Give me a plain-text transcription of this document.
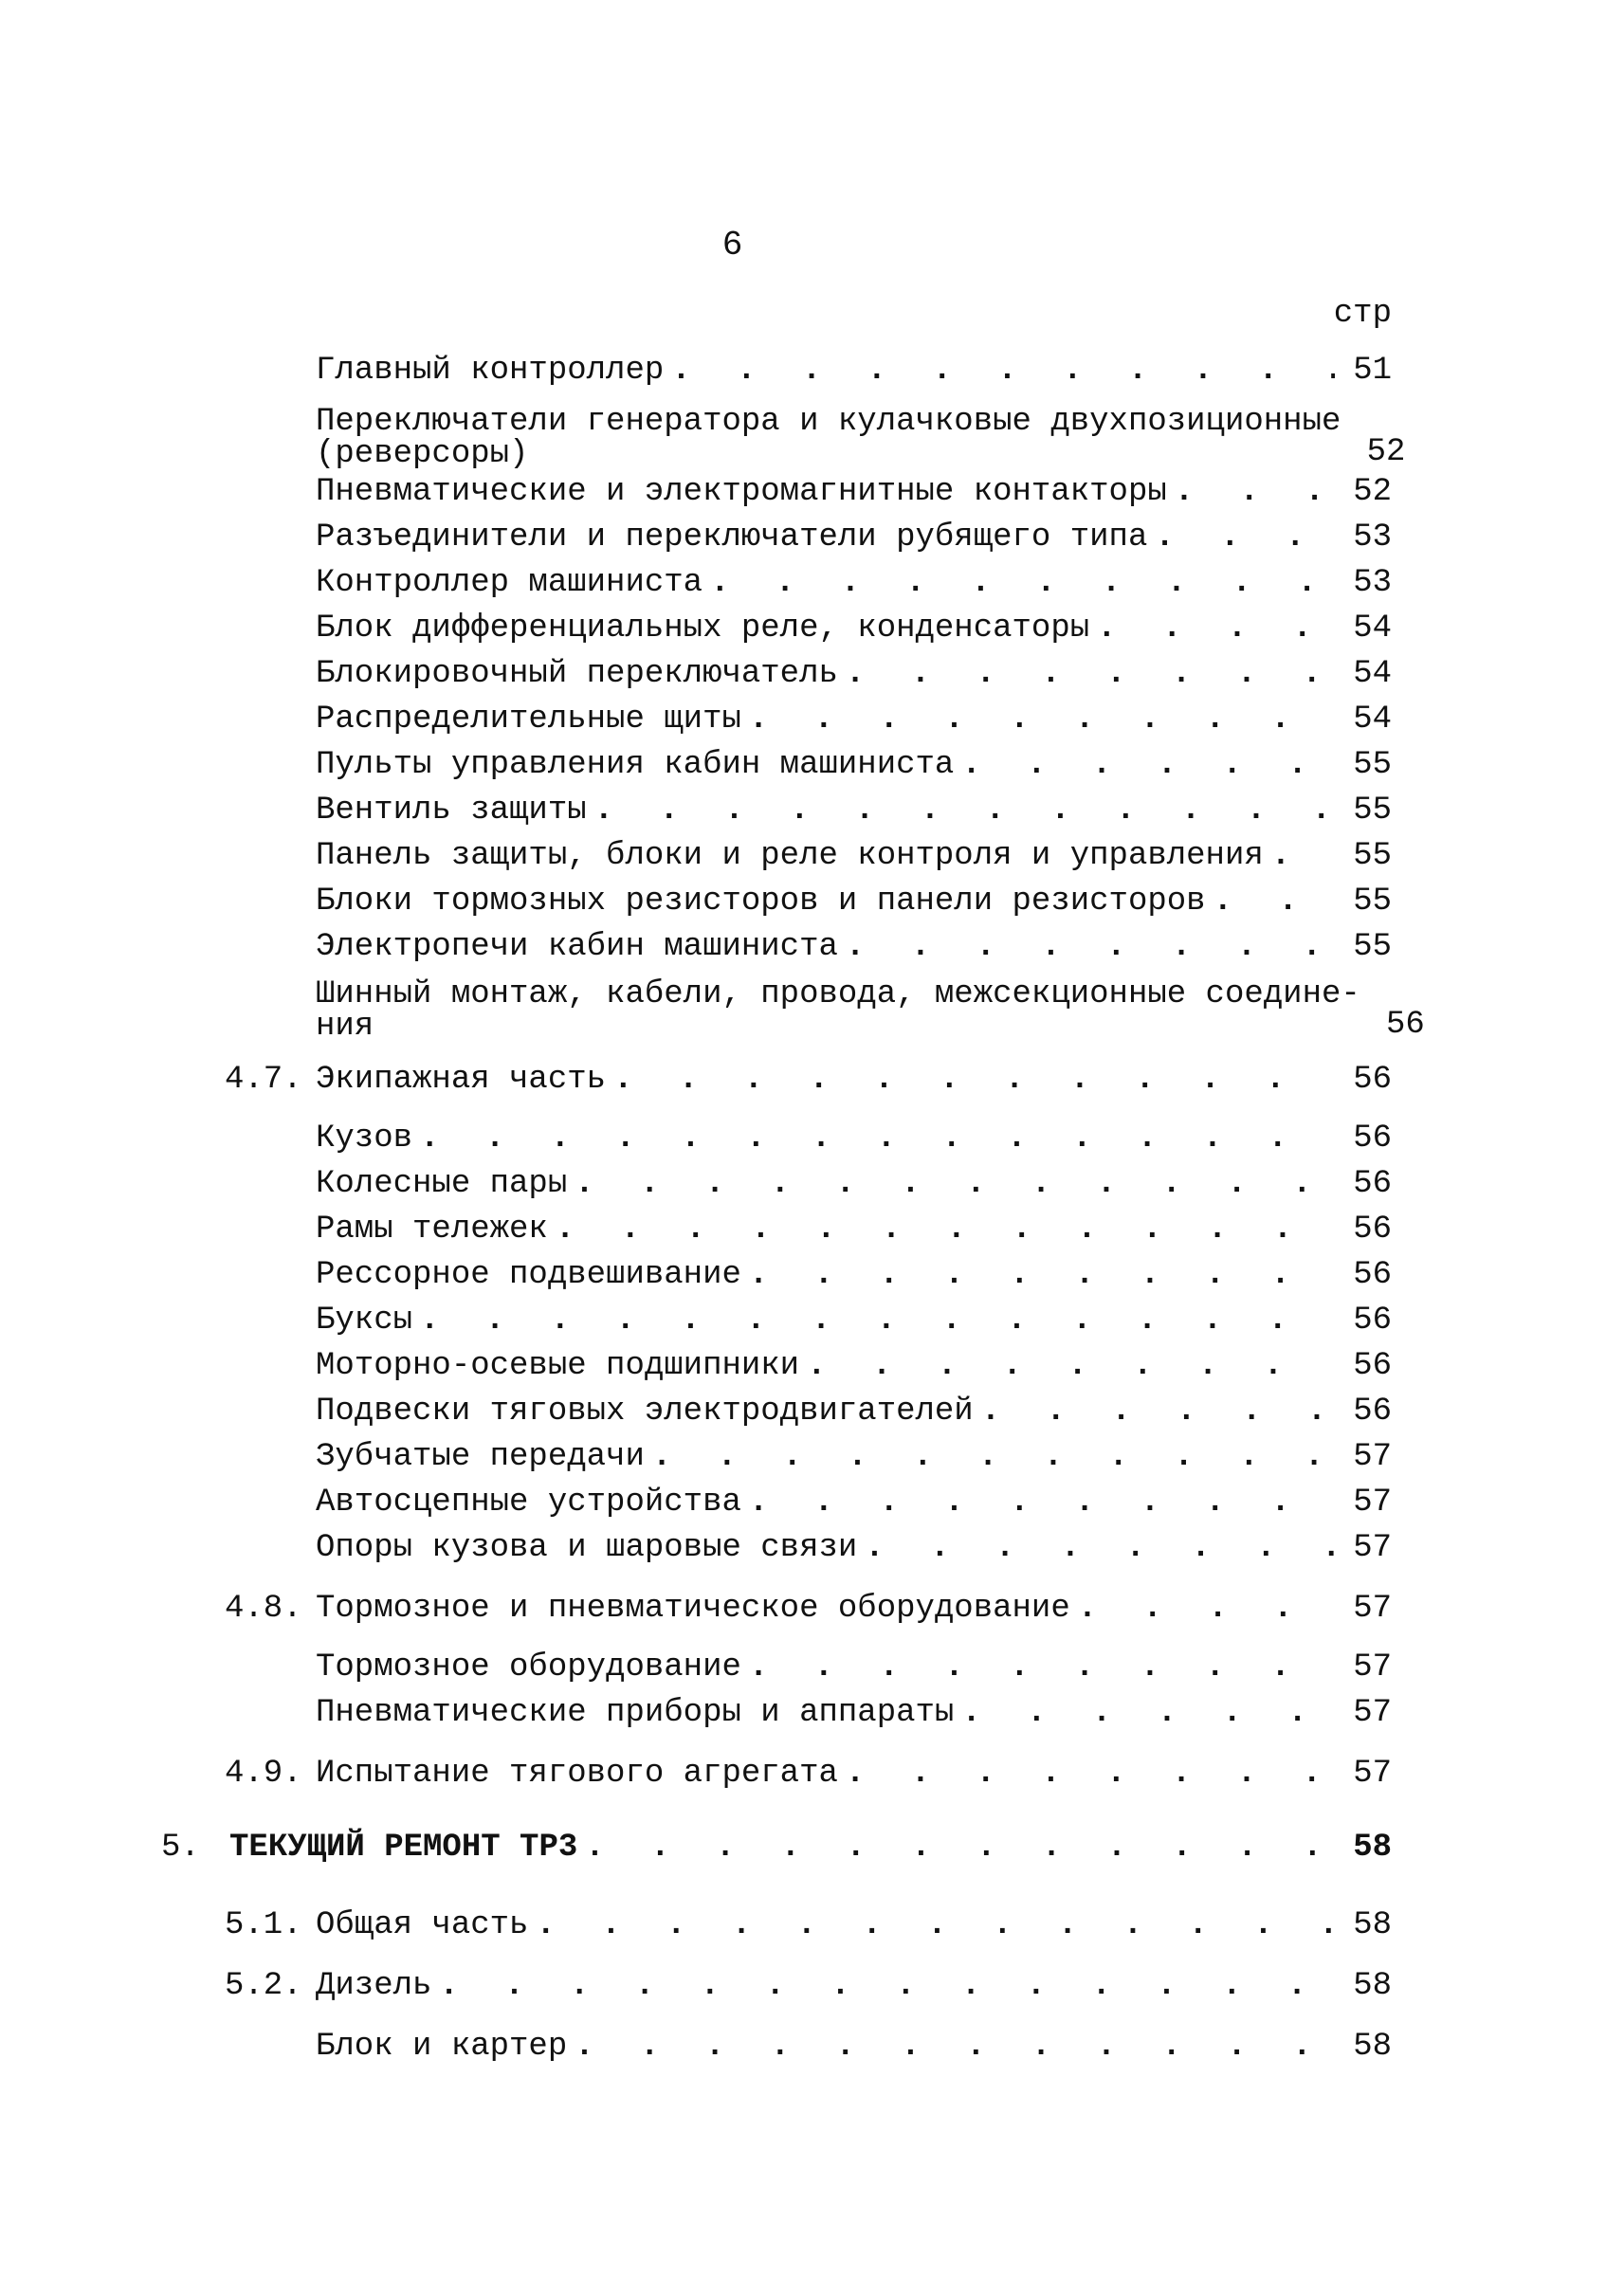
6
стр
Главный контроллер . . .	51
Переключатели генератора и кулачковые двухпозиционные
(реверсоры)	52
Пневматические и электромагнитные контакторы . . .	52
Разъединители и переключатели рубящего типа . . .	53
Контроллер машиниста . . .	53
Блок дифференциальных реле, конденсаторы . . .	54
Блокировочный переключатель . . .	54
Распределительные щиты . . .	54
Пульты управления кабин машиниста . . .	55
Вентиль защиты . . .	55
Панель защиты, блоки и реле контроля и управления . . .	55
Блоки тормозных резисторов и панели резисторов . . .	55
Электропечи кабин машиниста . . .	55
Шинный монтаж, кабели, провода, межсекционные соедине-
ния	56
4.7. Экипажная часть . . .	56
Кузов . . .	56
Колесные пары . . .	56
Рамы тележек . . .	56
Рессорное подвешивание . . .	56
Буксы . . .	56
Моторно-осевые подшипники . . .	56
Подвески тяговых электродвигателей . . .	56
Зубчатые передачи . . .	57
Автосцепные устройства . . .	57
Опоры кузова и шаровые связи . . .	57
4.8. Тормозное и пневматическое оборудование . . .	57
Тормозное оборудование . . .	57
Пневматические приборы и аппараты . . .	57
4.9. Испытание тягового агрегата . . .	57
5. ТЕКУЩИЙ РЕМОНТ ТР3 . . .	58
5.1. Общая часть . . .	58
5.2. Дизель . . .	58
Блок и картер . . .	58
